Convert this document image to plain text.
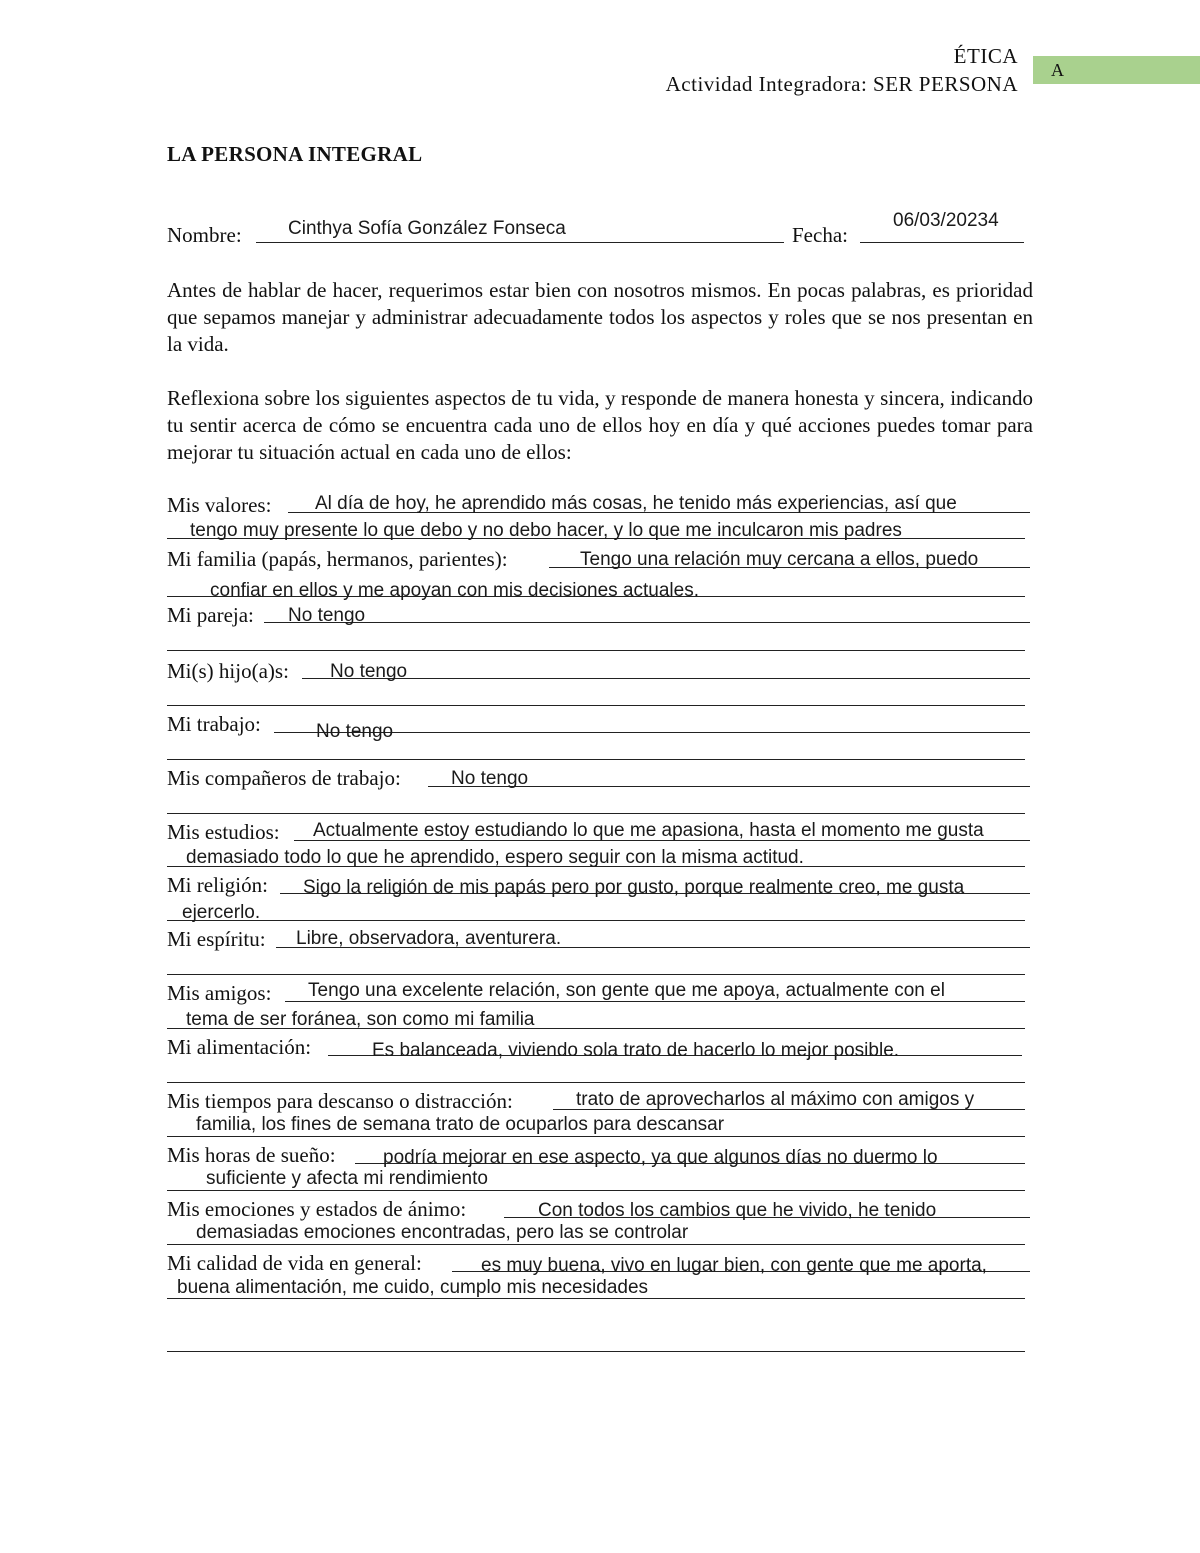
ÉTICA
Actividad Integradora: SER PERSONA
A
LA PERSONA INTEGRAL
Nombre: Cinthya Sofía González Fonseca	Fecha:
06/03/20234
Antes de hablar de hacer, requerimos estar bien con nosotros mismos. En pocas palabras, es prioridad que sepamos manejar y administrar adecuadamente todos los aspectos y roles que se nos presentan en la vida.
Reflexiona sobre los siguientes aspectos de tu vida, y responde de manera honesta y sincera, indicando tu sentir acerca de cómo se encuentra cada uno de ellos hoy en día y qué acciones puedes tomar para mejorar tu situación actual en cada uno de ellos:
Mis valores: Al día de hoy, he aprendido más cosas, he tenido más experiencias, así que
tengo muy presente lo que debo y no debo hacer, y lo que me inculcaron mis padres
Mi familia (papás, hermanos, parientes):	Tengo una relación muy cercana a ellos, puedo
confiar en ellos y me apoyan con mis decisiones actuales.
Mi pareja: No tengo
Mi(s) hijo(a)s: No tengo
Mi trabajo:	No tengo
Mis compañeros de trabajo:	No tengo
Mis estudios: Actualmente estoy estudiando lo que me apasiona, hasta el momento me gusta
demasiado todo lo que he aprendido, espero seguir con la misma actitud.
Mi religión: Sigo la religión de mis papás pero por gusto, porque realmente creo, me gusta
ejercerlo.
Mi espíritu: Libre, observadora, aventurera.
Mis amigos: Tengo una excelente relación, son gente que me apoya, actualmente con el
tema de ser foránea, son como mi familia
Mi alimentación:	Es balanceada, viviendo sola trato de hacerlo lo mejor posible.
Mis tiempos para descanso o distracción:	trato de aprovecharlos al máximo con amigos y
familia, los fines de semana trato de ocuparlos para descansar
Mis horas de sueño: podría mejorar en ese aspecto, ya que algunos días no duermo lo
suficiente y afecta mi rendimiento
Mis emociones y estados de ánimo:	Con todos los cambios que he vivido, he tenido
demasiadas emociones encontradas, pero las se controlar
Mi calidad de vida en general:	es muy buena, vivo en lugar bien, con gente que me aporta,
buena alimentación, me cuido, cumplo mis necesidades
